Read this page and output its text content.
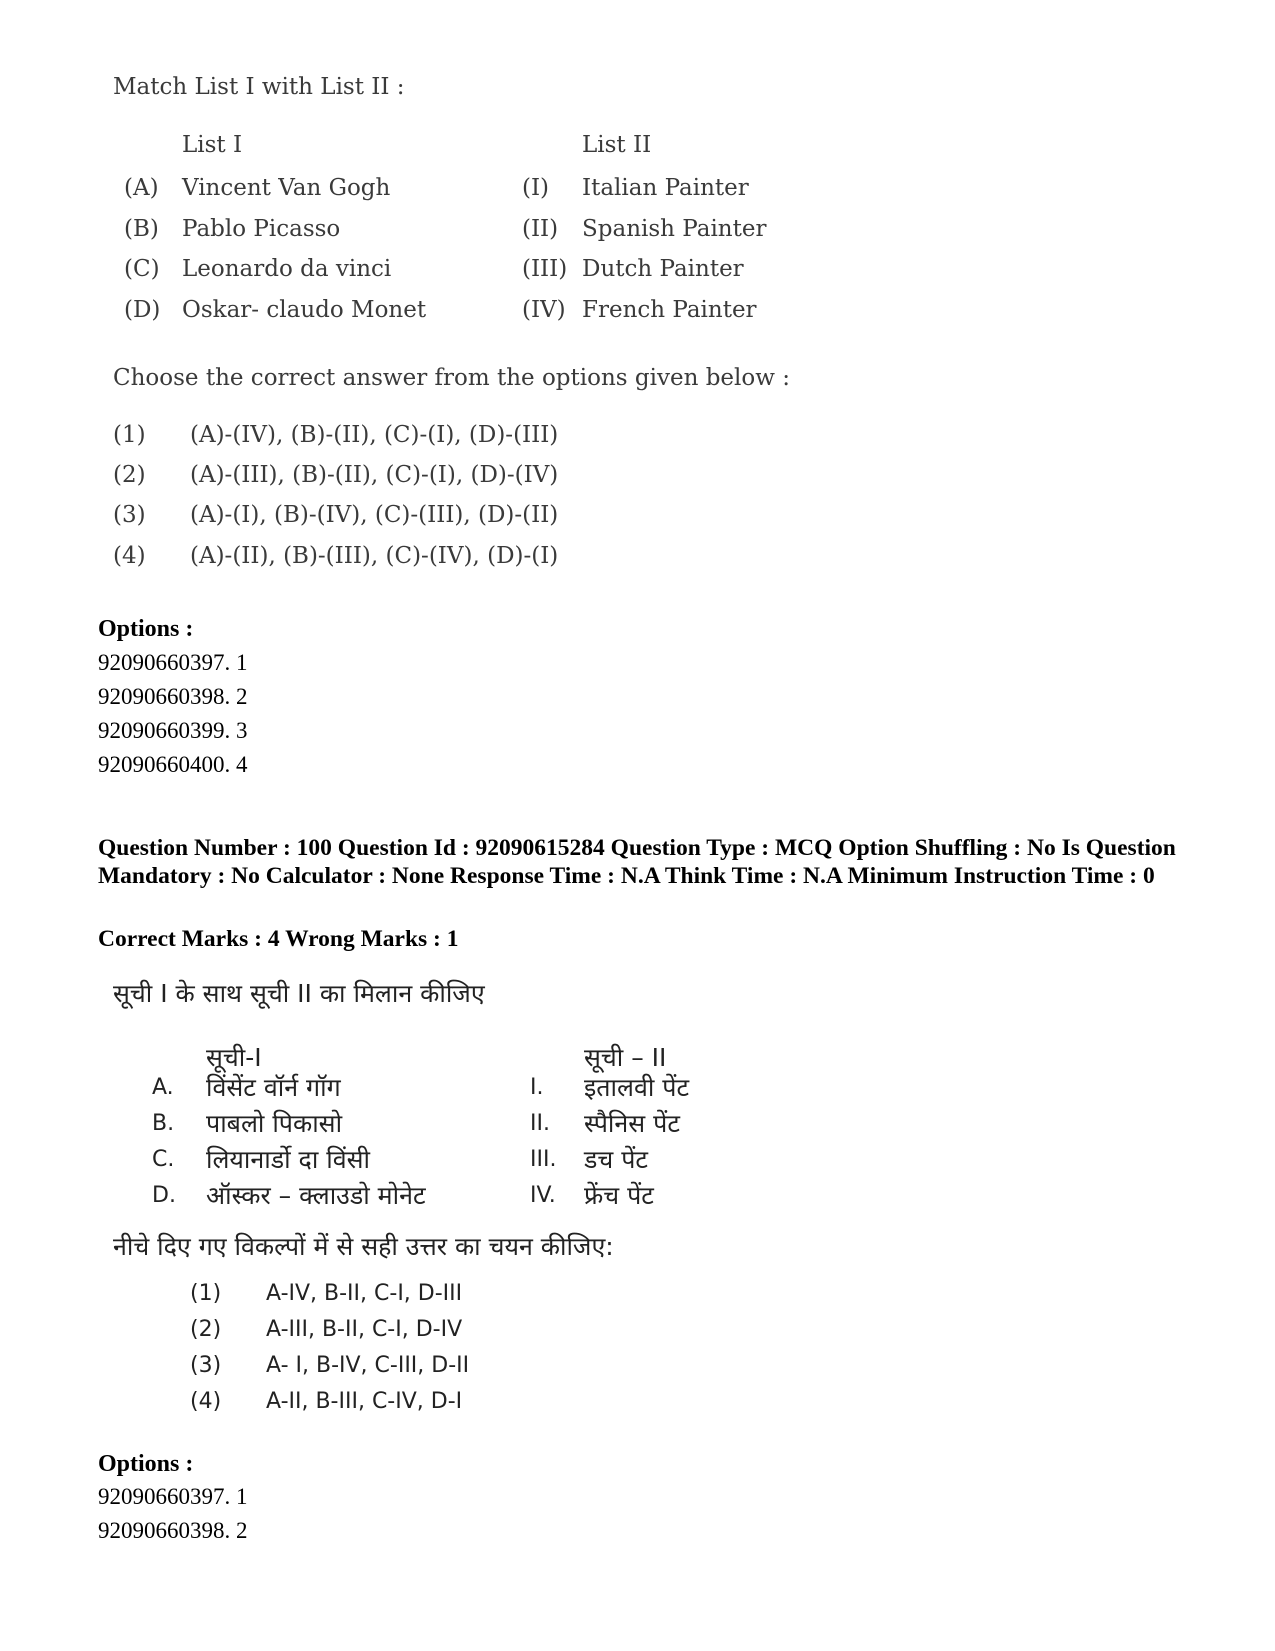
Match List I with List II :
List I	List II
(A) Vincent Van Gogh	(I) Italian Painter
(B) Pablo Picasso	(II) Spanish Painter
(C) Leonardo da vinci	(III) Dutch Painter
(D) Oskar- claudo Monet	(IV) French Painter
Choose the correct answer from the options given below :
(1) (A)-(IV), (B)-(II), (C)-(I), (D)-(III)
(2) (A)-(III), (B)-(II), (C)-(I), (D)-(IV)
(3) (A)-(I), (B)-(IV), (C)-(III), (D)-(II)
(4) (A)-(II), (B)-(III), (C)-(IV), (D)-(I)
Options :
92090660397. 1
92090660398. 2
92090660399. 3
92090660400. 4
Question Number : 100 Question Id : 92090615284 Question Type : MCQ Option Shuffling : No Is Question Mandatory : No Calculator : None Response Time : N.A Think Time : N.A Minimum Instruction Time : 0
Correct Marks : 4 Wrong Marks : 1
सूची I के साथ सूची II का मिलान कीजिए
सूची-I	सूची – II
A. विंसेंट वॉर्न गॉग	I. इतालवी पेंट
B. पाबलो पिकासो	II. स्पैनिस पेंट
C. लियानार्डो दा विंसी	III. डच पेंट
D. ऑस्कर – क्लाउडो मोनेट	IV. फ्रेंच पेंट
नीचे दिए गए विकल्पों में से सही उत्तर का चयन कीजिए:
(1) A-IV, B-II, C-I, D-III
(2) A-III, B-II, C-I, D-IV
(3) A- I, B-IV, C-III, D-II
(4) A-II, B-III, C-IV, D-I
Options :
92090660397. 1
92090660398. 2
